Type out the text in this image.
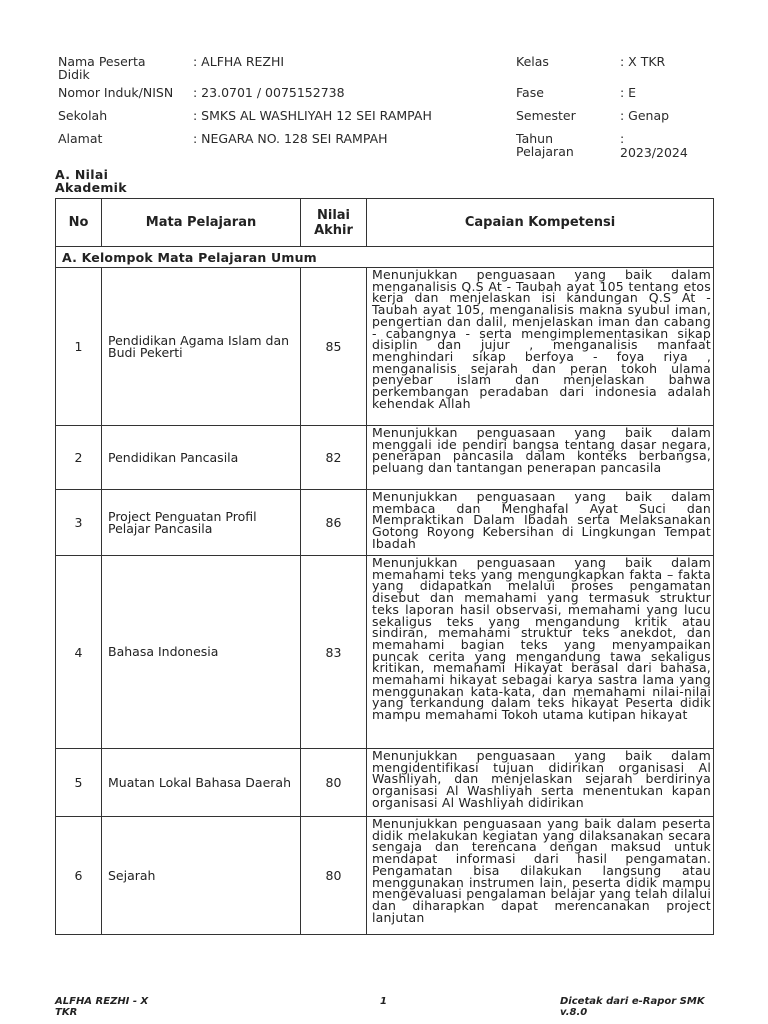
Nama Peserta Didik
: ALFHA REZHI
Nomor Induk/NISN : 23.0701 / 0075152738
Sekolah	: SMKS AL WASHLIYAH 12 SEI RAMPAH
Alamat	: NEGARA NO. 128 SEI RAMPAH
Kelas	: X TKR
Fase	: E
Semester	: Genap
Tahun Pelajaran
:
2023/2024
A. Nilai Akademik
No	Mata Pelajaran	Nilai Akhir	Capaian Kompetensi
A. Kelompok Mata Pelajaran Umum			
1	Pendidikan Agama Islam dan Budi Pekerti	85	Menunjukkan penguasaan yang baik dalam menganalisis Q.S At - Taubah ayat 105 tentang etos kerja dan menjelaskan isi kandungan Q.S At - Taubah ayat 105, menganalisis makna syubul iman, pengertian dan dalil, menjelaskan iman dan cabang - cabangnya - serta mengimplementasikan sikap disiplin dan jujur , menganalisis manfaat menghindari sikap berfoya - foya riya , menganalisis sejarah dan peran tokoh ulama penyebar islam dan menjelaskan bahwa perkembangan peradaban dari indonesia adalah kehendak Allah
2	Pendidikan Pancasila	82	Menunjukkan penguasaan yang baik dalam menggali ide pendiri bangsa tentang dasar negara, penerapan pancasila dalam konteks berbangsa, peluang dan tantangan penerapan pancasila
3	Project Penguatan Profil Pelajar Pancasila	86	Menunjukkan penguasaan yang baik dalam membaca dan Menghafal Ayat Suci dan Mempraktikan Dalam Ibadah serta Melaksanakan Gotong Royong Kebersihan di Lingkungan Tempat Ibadah
4	Bahasa Indonesia	83	Menunjukkan penguasaan yang baik dalam memahami teks yang mengungkapkan fakta – fakta yang didapatkan melalui proses pengamatan disebut dan memahami yang termasuk struktur teks laporan hasil observasi, memahami yang lucu sekaligus teks yang mengandung kritik atau sindiran, memahami struktur teks anekdot, dan memahami bagian teks yang menyampaikan puncak cerita yang mengandung tawa sekaligus kritikan, memahami Hikayat berasal dari bahasa, memahami hikayat sebagai karya sastra lama yang menggunakan kata-kata, dan memahami nilai-nilai yang terkandung dalam teks hikayat Peserta didik mampu memahami Tokoh utama kutipan hikayat
5	Muatan Lokal Bahasa Daerah	80	Menunjukkan penguasaan yang baik dalam mengidentifikasi tujuan didirikan organisasi Al Washliyah, dan menjelaskan sejarah berdirinya organisasi Al Washliyah serta menentukan kapan organisasi Al Washliyah didirikan
6	Sejarah	80	Menunjukkan penguasaan yang baik dalam peserta didik melakukan kegiatan yang dilaksanakan secara sengaja dan terencana dengan maksud untuk mendapat informasi dari hasil pengamatan. Pengamatan bisa dilakukan langsung atau menggunakan instrumen lain, peserta didik mampu mengevaluasi pengalaman belajar yang telah dilalui dan diharapkan dapat merencanakan project lanjutan
ALFHA REZHI - X TKR
1	Dicetak dari e-Rapor SMK v.8.0
